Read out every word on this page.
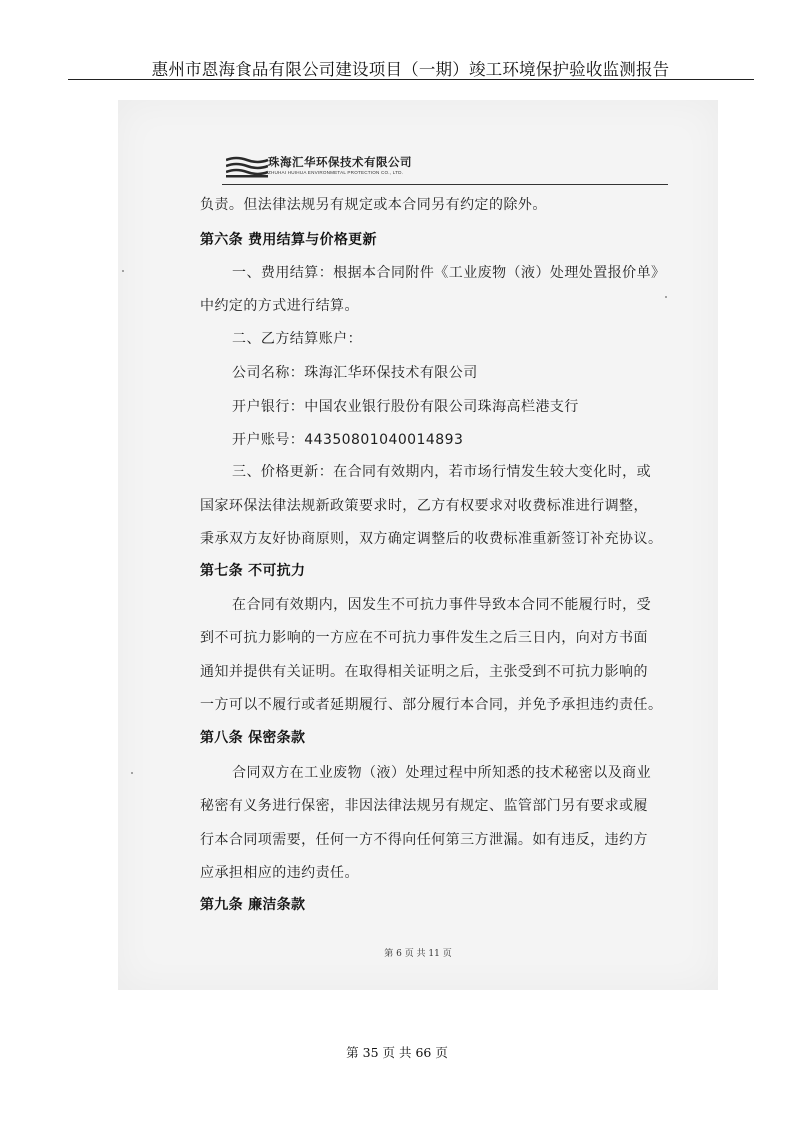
惠州市恩海食品有限公司建设项目（一期）竣工环境保护验收监测报告
珠海汇华环保技术有限公司
ZHUHAI HUIHUA ENVIRONMETAL PROTECTION CO., LTD.
负责。但法律法规另有规定或本合同另有约定的除外。
第六条 费用结算与价格更新
一、费用结算：根据本合同附件《工业废物（液）处理处置报价单》
中约定的方式进行结算。
二、乙方结算账户：
公司名称：珠海汇华环保技术有限公司
开户银行：中国农业银行股份有限公司珠海高栏港支行
开户账号：44350801040014893
三、价格更新：在合同有效期内，若市场行情发生较大变化时，或
国家环保法律法规新政策要求时，乙方有权要求对收费标准进行调整，
秉承双方友好协商原则，双方确定调整后的收费标准重新签订补充协议。
第七条 不可抗力
在合同有效期内，因发生不可抗力事件导致本合同不能履行时，受
到不可抗力影响的一方应在不可抗力事件发生之后三日内，向对方书面
通知并提供有关证明。在取得相关证明之后，主张受到不可抗力影响的
一方可以不履行或者延期履行、部分履行本合同，并免予承担违约责任。
第八条 保密条款
合同双方在工业废物（液）处理过程中所知悉的技术秘密以及商业
秘密有义务进行保密，非因法律法规另有规定、监管部门另有要求或履
行本合同项需要，任何一方不得向任何第三方泄漏。如有违反，违约方
应承担相应的违约责任。
第九条 廉洁条款
第 6 页 共 11 页
第 35 页 共 66 页
